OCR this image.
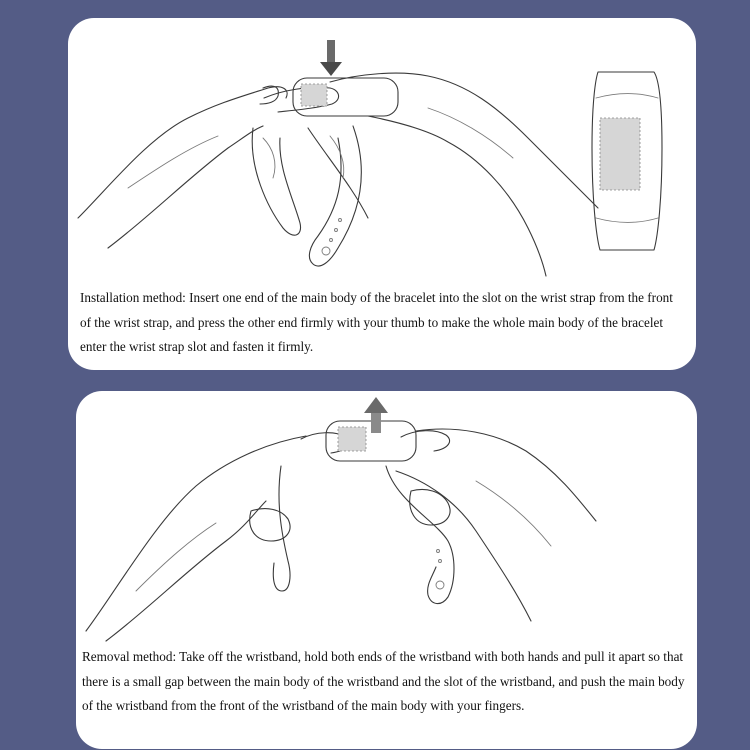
Installation method: Insert one end of the main body of the bracelet into the slot on the wrist strap from the front of the wrist strap, and press the other end firmly with your thumb to make the whole main body of the bracelet enter the wrist strap slot and fasten it firmly.
Removal method: Take off the wristband, hold both ends of the wristband with both hands and pull it apart so that there is a small gap between the main body of the wristband and the slot of the wristband, and push the main body of the wristband from the front of the wristband of the main body with your fingers.
